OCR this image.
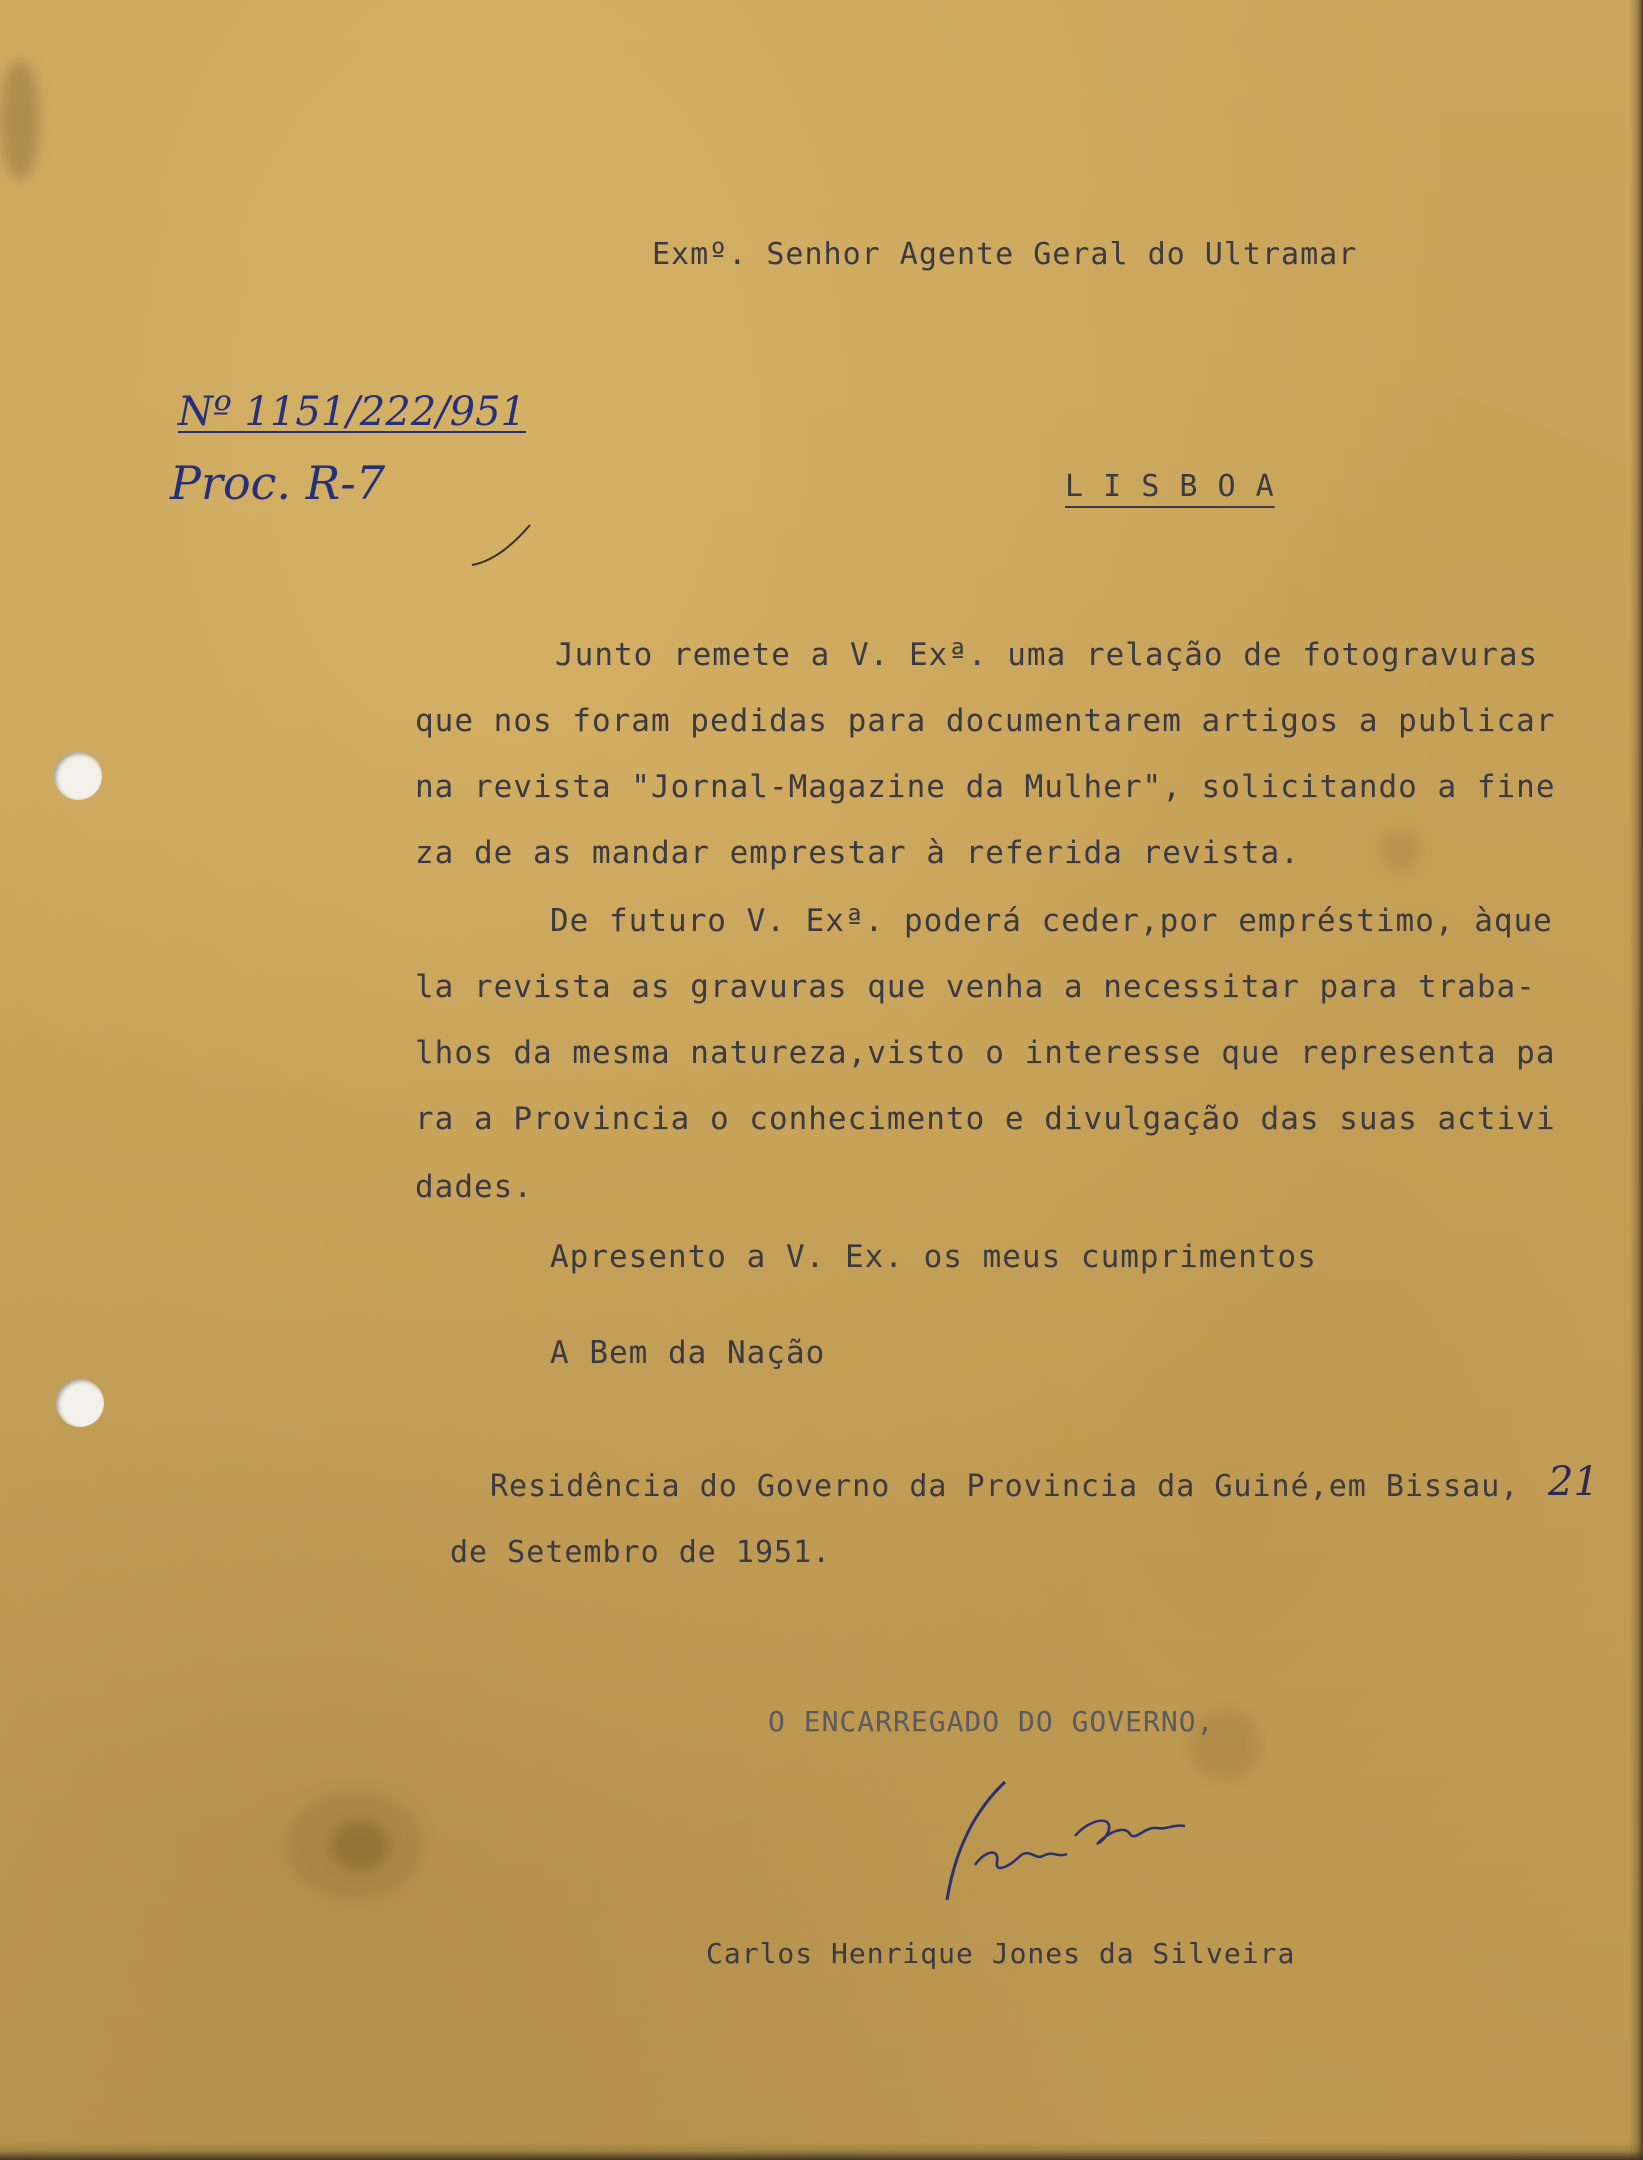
Exmº. Senhor Agente Geral do Ultramar
Nº 1151/222/951
Proc. R-7	L I S B O A
Junto remete a V. Exª. uma relação de fotogravuras
que nos foram pedidas para documentarem artigos a publicar
na revista "Jornal-Magazine da Mulher", solicitando a fine
za de as mandar emprestar à referida revista.
De futuro V. Exª. poderá ceder,por empréstimo, àque
la revista as gravuras que venha a necessitar para traba-
lhos da mesma natureza,visto o interesse que representa pa
ra a Provincia o conhecimento e divulgação das suas activi
dades.
Apresento a V. Ex. os meus cumprimentos
A Bem da Nação
Residência do Governo da Provincia da Guiné,em Bissau, 21
de Setembro de 1951.
O ENCARREGADO DO GOVERNO,
Carlos Henrique Jones da Silveira
